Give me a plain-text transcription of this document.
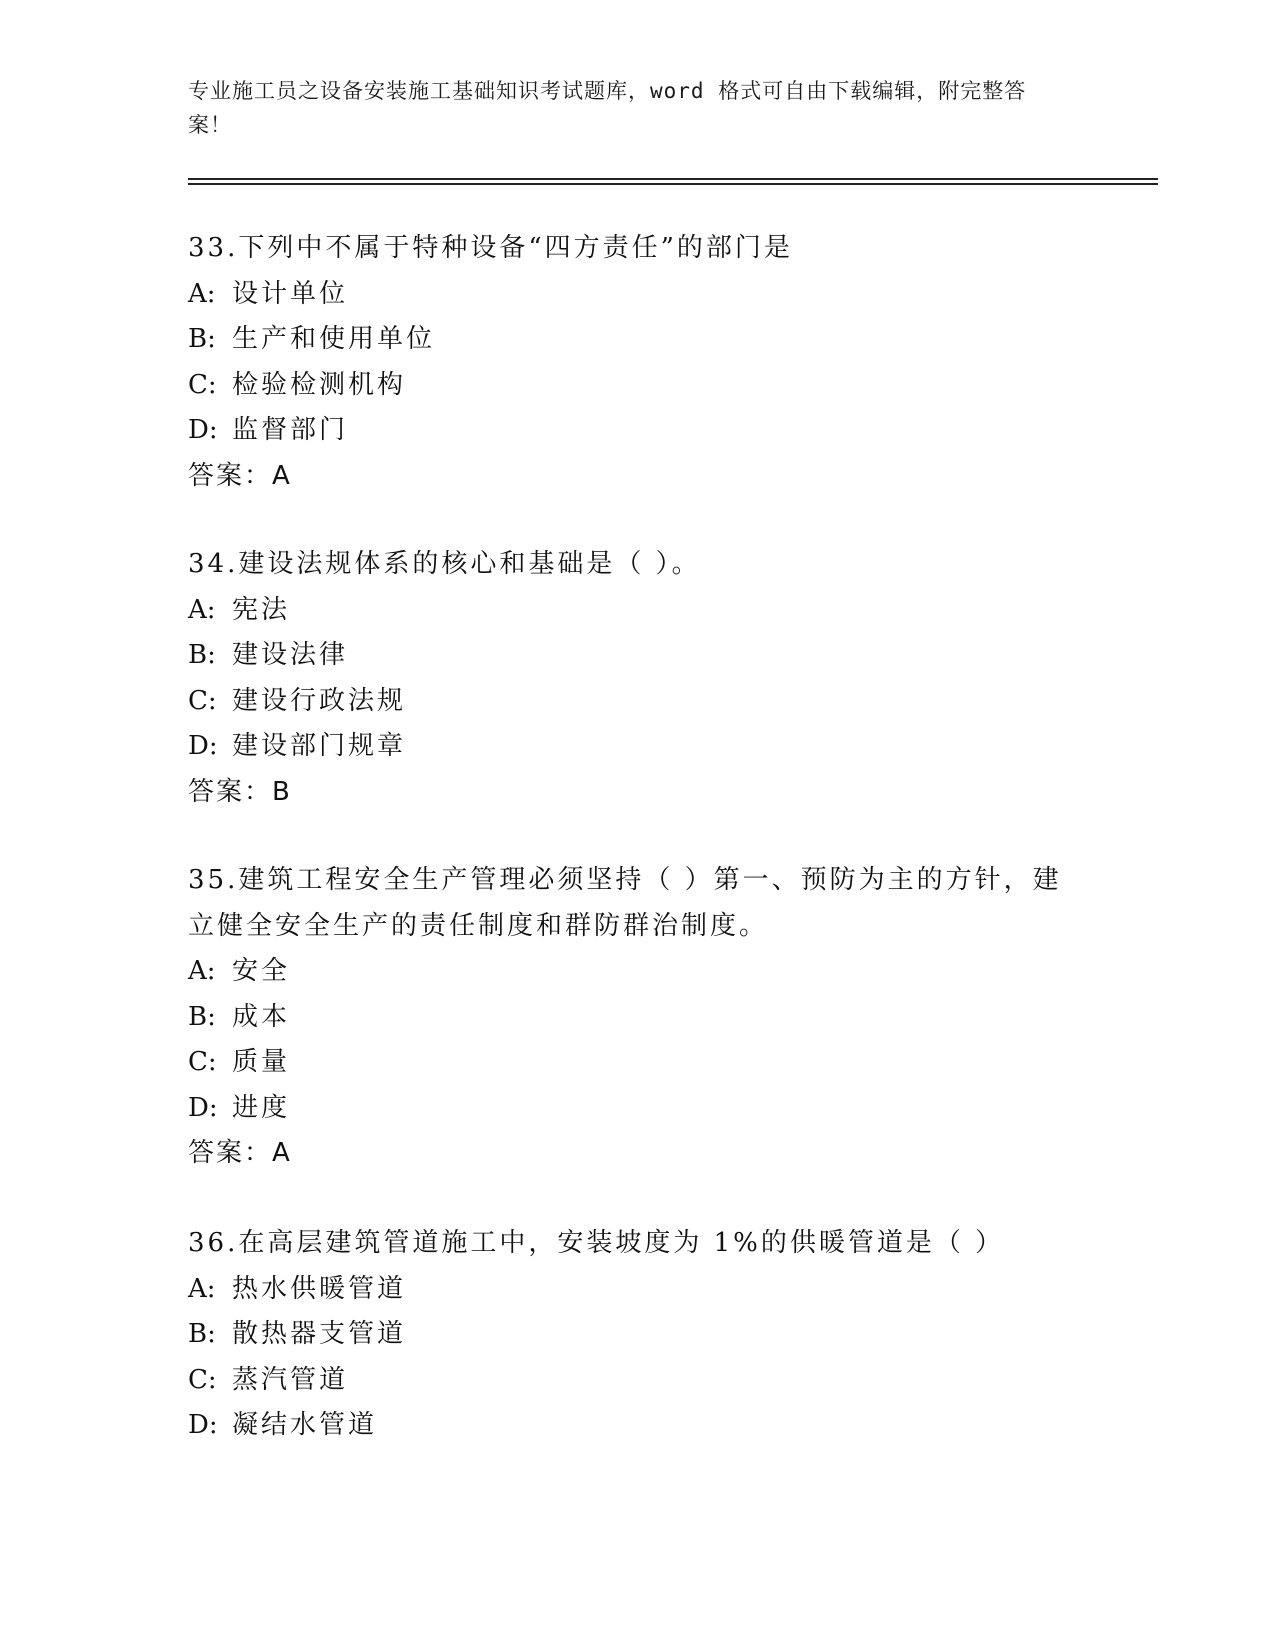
专业施工员之设备安装施工基础知识考试题库，word 格式可自由下载编辑，附完整答案！
33.下列中不属于特种设备“四方责任”的部门是
A: 设计单位
B: 生产和使用单位
C: 检验检测机构
D: 监督部门
答案：A
34.建设法规体系的核心和基础是（ ）。
A: 宪法
B: 建设法律
C: 建设行政法规
D: 建设部门规章
答案：B
35.建筑工程安全生产管理必须坚持（ ）第一、预防为主的方针，建
立健全安全生产的责任制度和群防群治制度。
A: 安全
B: 成本
C: 质量
D: 进度
答案：A
36.在高层建筑管道施工中，安装坡度为 1%的供暖管道是（ ）
A: 热水供暖管道
B: 散热器支管道
C: 蒸汽管道
D: 凝结水管道
